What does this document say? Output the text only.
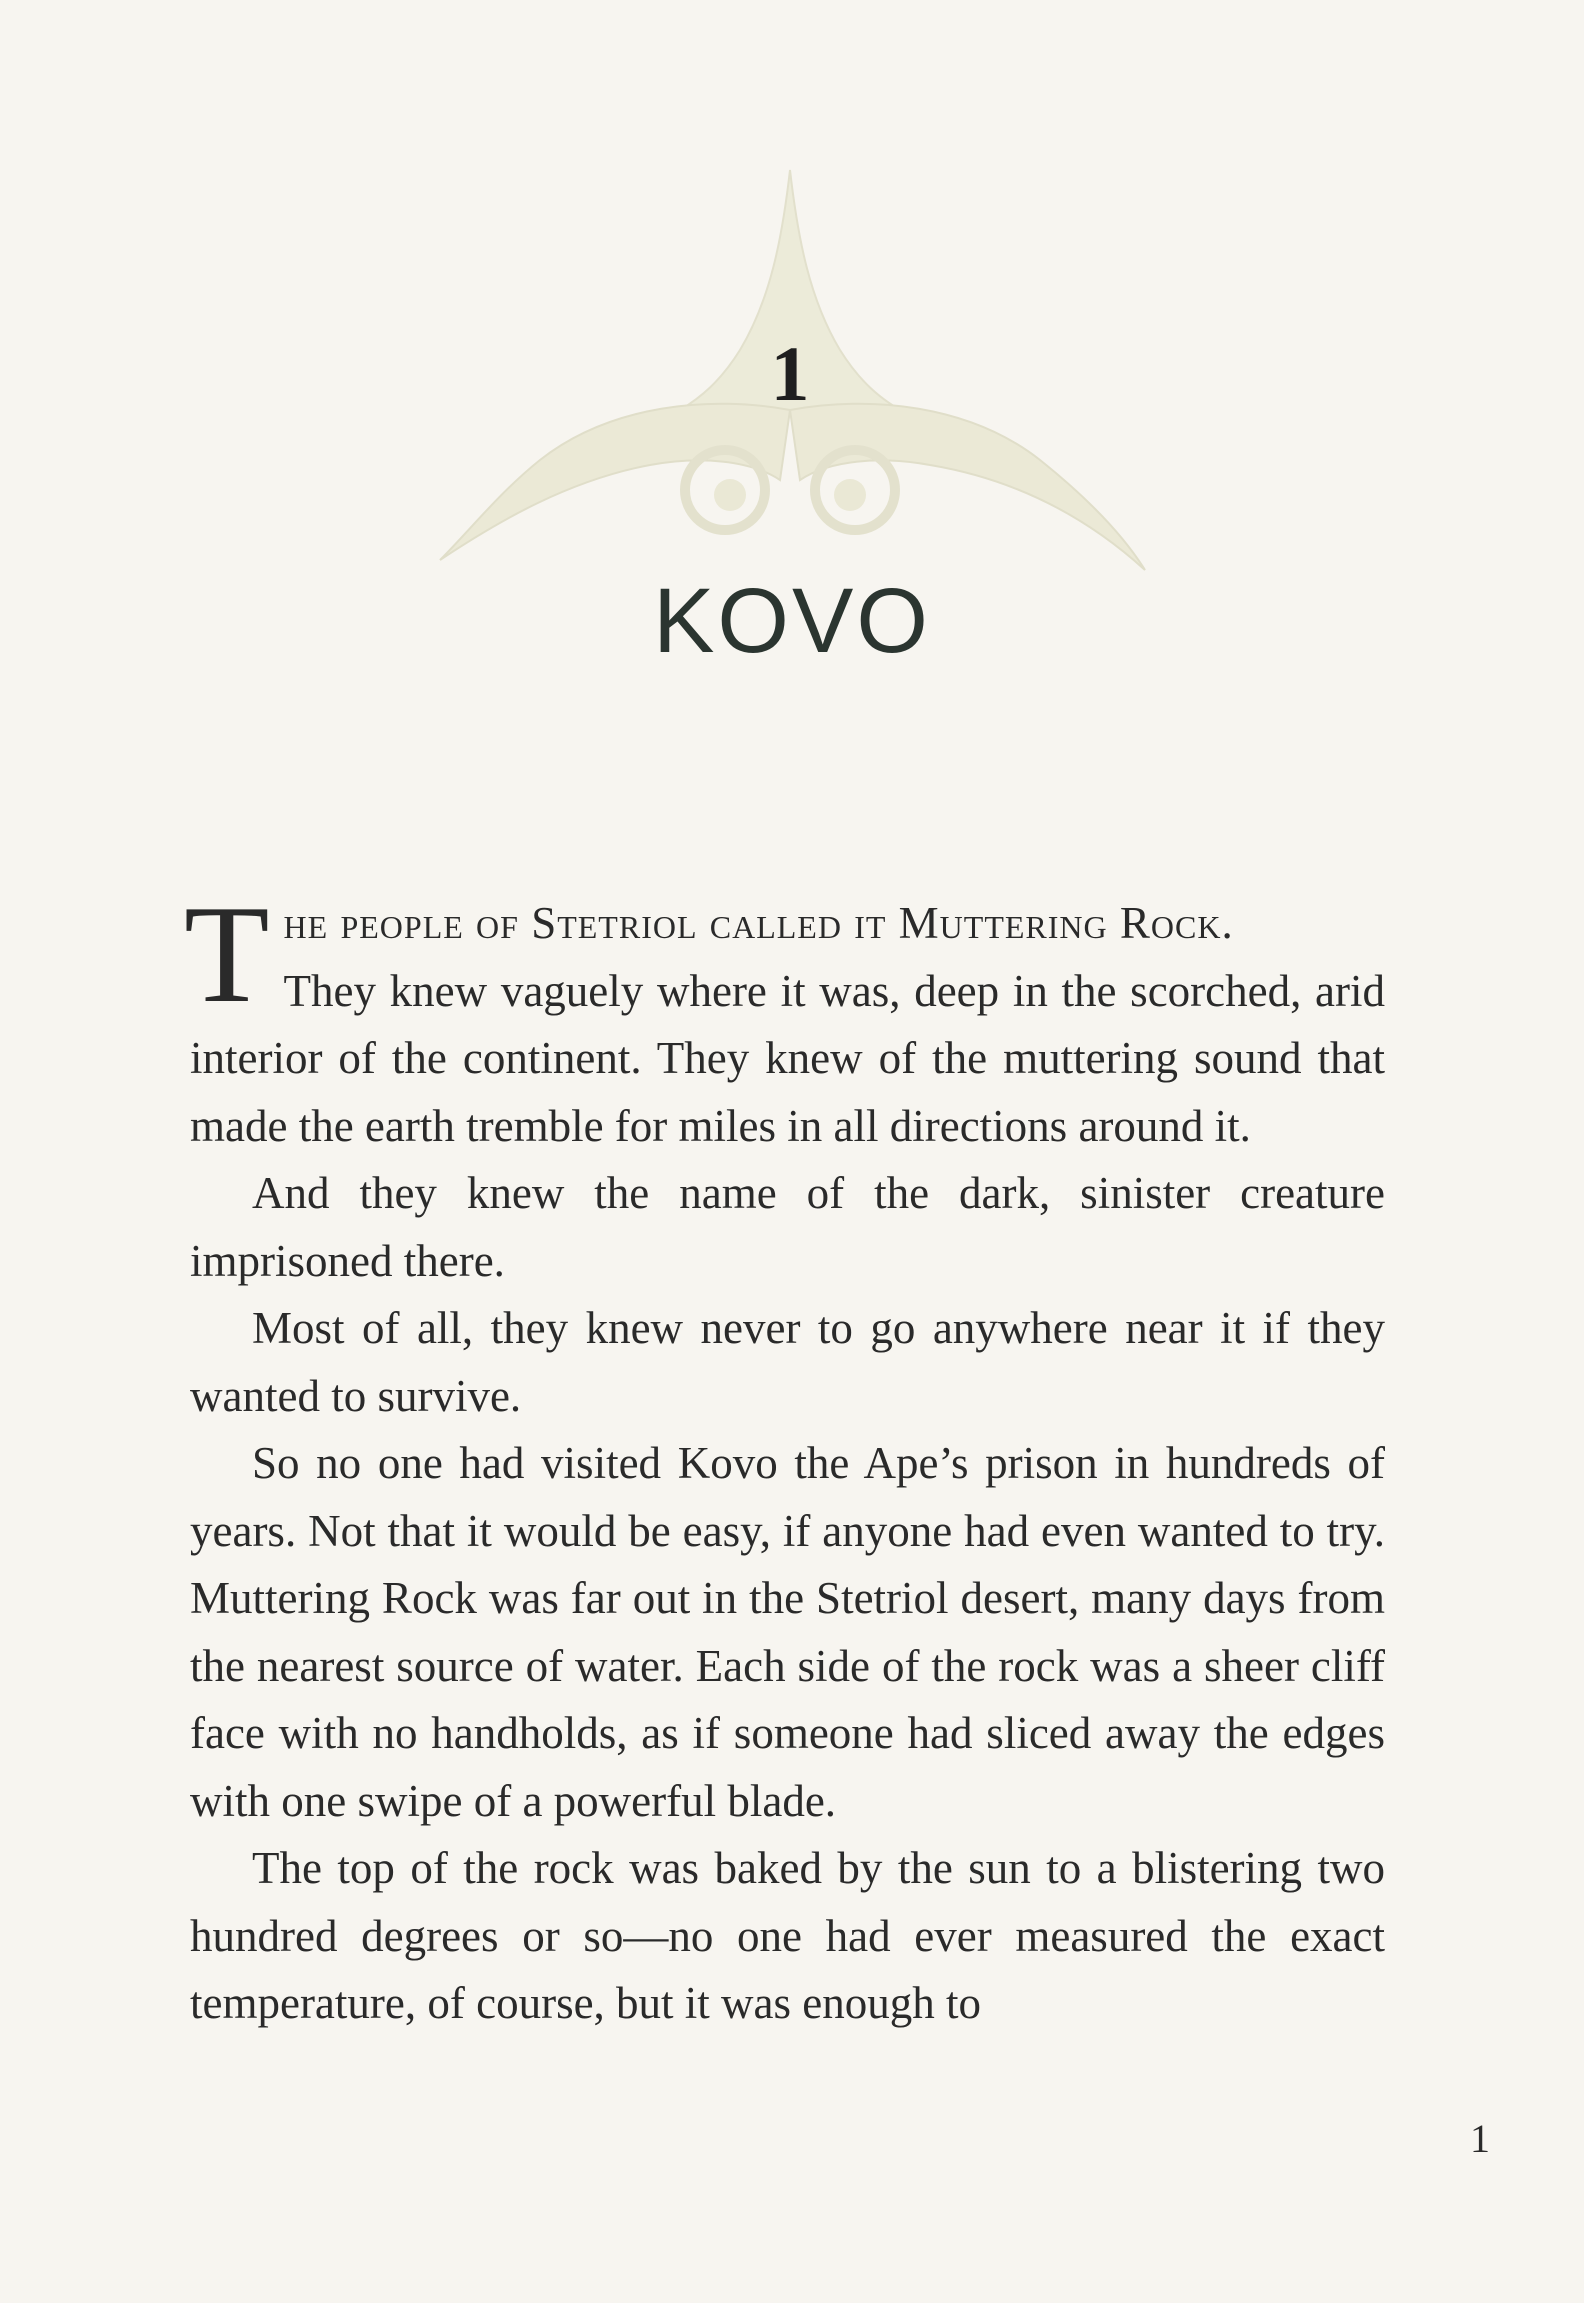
1
KOVO

The people of Stetriol called it Muttering Rock.
They knew vaguely where it was, deep in the scorched, arid interior of the continent. They knew of the muttering sound that made the earth tremble for miles in all directions around it.

And they knew the name of the dark, sinister creature imprisoned there.

Most of all, they knew never to go anywhere near it if they wanted to survive.

So no one had visited Kovo the Ape’s prison in hundreds of years. Not that it would be easy, if anyone had even wanted to try. Muttering Rock was far out in the Stetriol desert, many days from the nearest source of water. Each side of the rock was a sheer cliff face with no handholds, as if someone had sliced away the edges with one swipe of a powerful blade.

The top of the rock was baked by the sun to a blistering two hundred degrees or so—no one had ever measured the exact temperature, of course, but it was enough to

1
